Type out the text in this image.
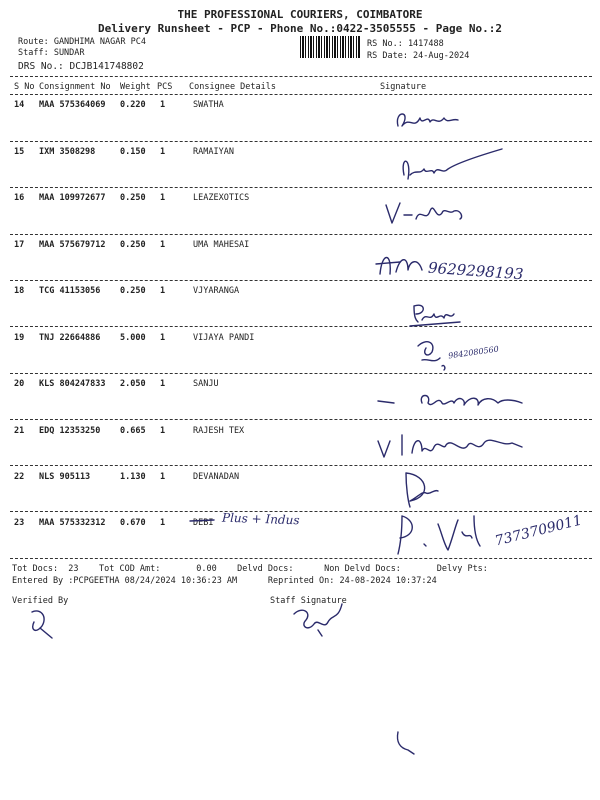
THE PROFESSIONAL COURIERS, COIMBATORE
Delivery Runsheet - PCP - Phone No.:0422-3505555 - Page No.:2
Route: GANDHIMA NAGAR PC4
Staff: SUNDAR
DRS No.: DCJB141748802
RS No.: 1417488
RS Date: 24-Aug-2024
S No Consignment No Weight PCS Consignee Details	Signature
14 MAA 575364069 0.220 1	SWATHA
15 IXM 3508298	0.150 1	RAMAIYAN
16 MAA 109972677 0.250 1	LEAZEXOTICS
17 MAA 575679712 0.250 1	UMA MAHESAI
18 TCG 41153056 0.250 1	VJYARANGA
19 TNJ 22664886 5.000 1	VIJAYA PANDI
20 KLS 804247833 2.050 1	SANJU
21 EDQ 12353250 0.665 1	RAJESH TEX
22 NLS 905113	1.130 1	DEVANADAN
23 MAA 575332312 0.670 1	DEBI
9629298193
9842080560
Plus + Indus	7373709011
Tot Docs:  23    Tot COD Amt:       0.00    Delvd Docs:      Non Delvd Docs:       Delvy Pts:
Entered By :PCPGEETHA 08/24/2024 10:36:23 AM      Reprinted On: 24-08-2024 10:37:24
Verified By	Staff Signature
